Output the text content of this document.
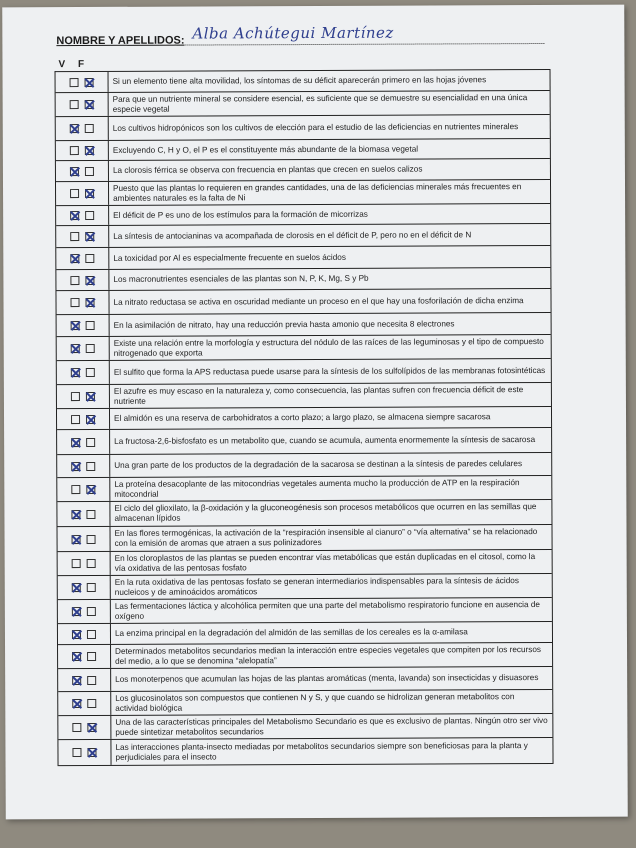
NOMBRE Y APELLIDOS: Alba Achútegui Martínez
V F
Si un elemento tiene alta movilidad, los síntomas de su déficit aparecerán primero en las hojas jóvenes
Para que un nutriente mineral se considere esencial, es suficiente que se demuestre su esencialidad en una única especie vegetal
Los cultivos hidropónicos son los cultivos de elección para el estudio de las deficiencias en nutrientes minerales
Excluyendo C, H y O, el P es el constituyente más abundante de la biomasa vegetal
La clorosis férrica se observa con frecuencia en plantas que crecen en suelos calizos
Puesto que las plantas lo requieren en grandes cantidades, una de las deficiencias minerales más frecuentes en ambientes naturales es la falta de Ni
El déficit de P es uno de los estímulos para la formación de micorrizas
La síntesis de antocianinas va acompañada de clorosis en el déficit de P, pero no en el déficit de N
La toxicidad por Al es especialmente frecuente en suelos ácidos
Los macronutrientes esenciales de las plantas son N, P, K, Mg, S y Pb
La nitrato reductasa se activa en oscuridad mediante un proceso en el que hay una fosforilación de dicha enzima
En la asimilación de nitrato, hay una reducción previa hasta amonio que necesita 8 electrones
Existe una relación entre la morfología y estructura del nódulo de las raíces de las leguminosas y el tipo de compuesto nitrogenado que exporta
El sulfito que forma la APS reductasa puede usarse para la síntesis de los sulfolípidos de las membranas fotosintéticas
El azufre es muy escaso en la naturaleza y, como consecuencia, las plantas sufren con frecuencia déficit de este nutriente
El almidón es una reserva de carbohidratos a corto plazo; a largo plazo, se almacena siempre sacarosa
La fructosa-2,6-bisfosfato es un metabolito que, cuando se acumula, aumenta enormemente la síntesis de sacarosa
Una gran parte de los productos de la degradación de la sacarosa se destinan a la síntesis de paredes celulares
La proteína desacoplante de las mitocondrias vegetales aumenta mucho la producción de ATP en la respiración mitocondrial
El ciclo del glioxilato, la β-oxidación y la gluconeogénesis son procesos metabólicos que ocurren en las semillas que almacenan lípidos
En las flores termogénicas, la activación de la “respiración insensible al cianuro” o “vía alternativa” se ha relacionado con la emisión de aromas que atraen a sus polinizadores
En los cloroplastos de las plantas se pueden encontrar vías metabólicas que están duplicadas en el citosol, como la vía oxidativa de las pentosas fosfato
En la ruta oxidativa de las pentosas fosfato se generan intermediarios indispensables para la síntesis de ácidos nucleicos y de aminoácidos aromáticos
Las fermentaciones láctica y alcohólica permiten que una parte del metabolismo respiratorio funcione en ausencia de oxígeno
La enzima principal en la degradación del almidón de las semillas de los cereales es la α-amilasa
Determinados metabolitos secundarios median la interacción entre especies vegetales que compiten por los recursos del medio, a lo que se denomina “alelopatía”
Los monoterpenos que acumulan las hojas de las plantas aromáticas (menta, lavanda) son insecticidas y disuasores
Los glucosinolatos son compuestos que contienen N y S, y que cuando se hidrolizan generan metabolitos con actividad biológica
Una de las características principales del Metabolismo Secundario es que es exclusivo de plantas. Ningún otro ser vivo puede sintetizar metabolitos secundarios
Las interacciones planta-insecto mediadas por metabolitos secundarios siempre son beneficiosas para la planta y perjudiciales para el insecto
